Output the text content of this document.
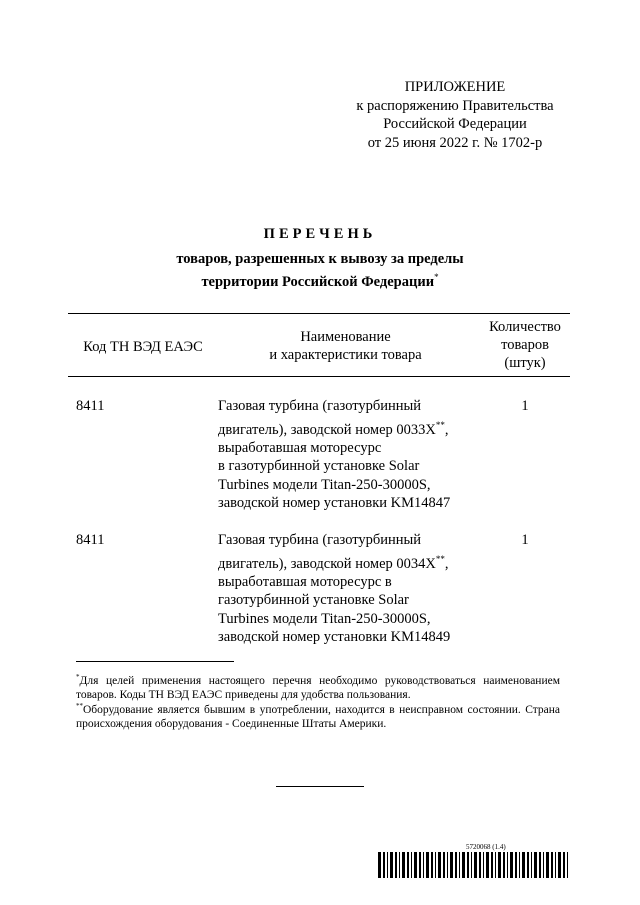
ПРИЛОЖЕНИЕ
к распоряжению Правительства
Российской Федерации
от 25 июня 2022 г. № 1702-р
ПЕРЕЧЕНЬ
товаров, разрешенных к вывозу за пределы
территории Российской Федерации*
Код ТН ВЭД ЕАЭС
Наименование
и характеристики товара
Количество
товаров
(штук)
8411	Газовая турбина (газотурбинный
двигатель), заводской номер 0033X**,
выработавшая моторесурс
в газотурбинной установке Solar
Turbines модели Titan-250-30000S,
заводской номер установки KM14847
1
8411	Газовая турбина (газотурбинный
двигатель), заводской номер 0034X**,
выработавшая моторесурс в
газотурбинной установке Solar
Turbines модели Titan-250-30000S,
заводской номер установки KM14849
1
*Для целей применения настоящего перечня необходимо руководствоваться наименованием товаров. Коды ТН ВЭД ЕАЭС приведены для удобства пользования.
**Оборудование является бывшим в употреблении, находится в неисправном состоянии. Страна происхождения оборудования - Соединенные Штаты Америки.
5720068 (1.4)
